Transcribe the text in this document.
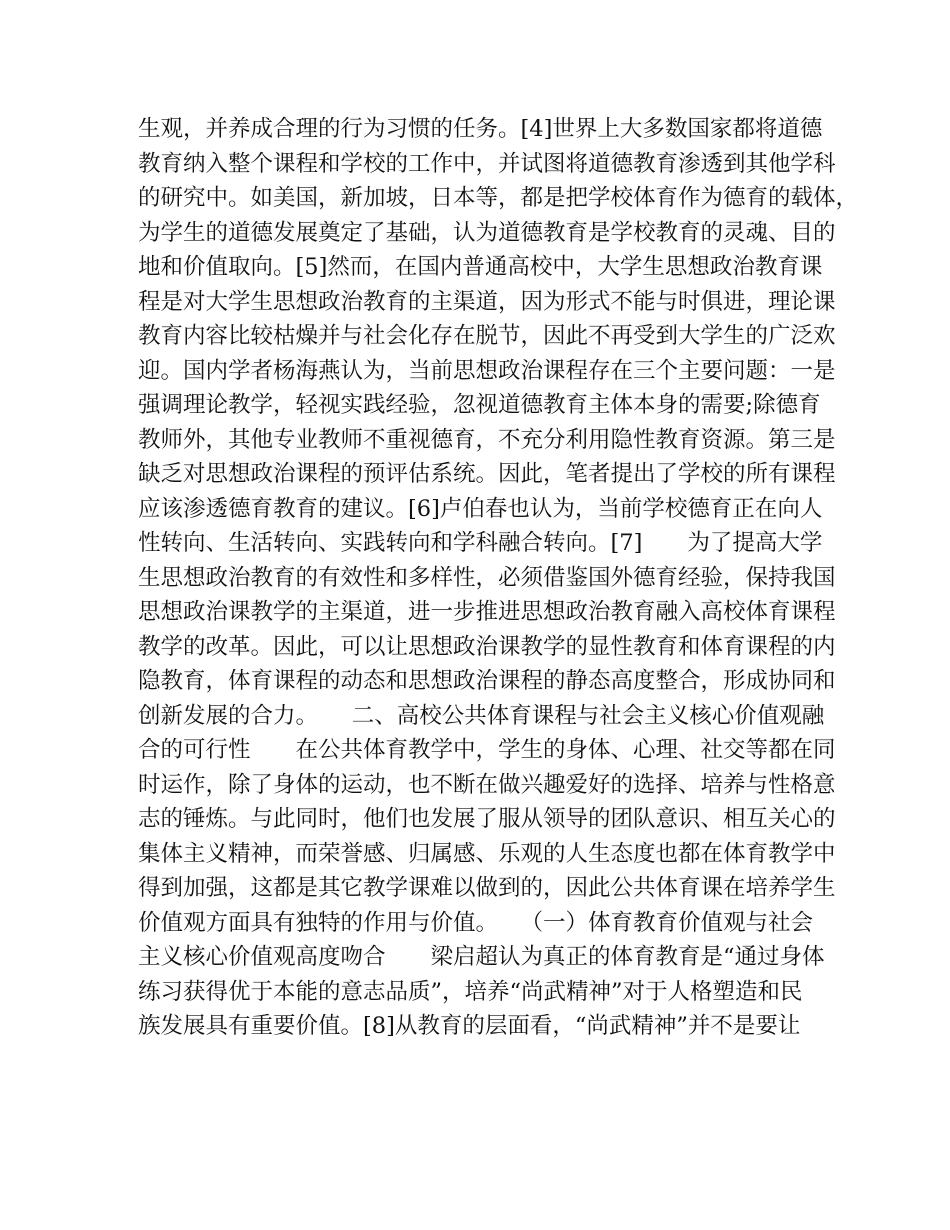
生观，并养成合理的行为习惯的任务。[4]世界上大多数国家都将道德
教育纳入整个课程和学校的工作中，并试图将道德教育渗透到其他学科
的研究中。如美国，新加坡，日本等，都是把学校体育作为德育的载体，
为学生的道德发展奠定了基础，认为道德教育是学校教育的灵魂、目的
地和价值取向。[5]然而，在国内普通高校中，大学生思想政治教育课
程是对大学生思想政治教育的主渠道，因为形式不能与时俱进，理论课
教育内容比较枯燥并与社会化存在脱节，因此不再受到大学生的广泛欢
迎。国内学者杨海燕认为，当前思想政治课程存在三个主要问题：一是
强调理论教学，轻视实践经验，忽视道德教育主体本身的需要;除德育
教师外，其他专业教师不重视德育，不充分利用隐性教育资源。第三是
缺乏对思想政治课程的预评估系统。因此，笔者提出了学校的所有课程
应该渗透德育教育的建议。[6]卢伯春也认为，当前学校德育正在向人
性转向、生活转向、实践转向和学科融合转向。[7]　　为了提高大学
生思想政治教育的有效性和多样性，必须借鉴国外德育经验，保持我国
思想政治课教学的主渠道，进一步推进思想政治教育融入高校体育课程
教学的改革。因此，可以让思想政治课教学的显性教育和体育课程的内
隐教育，体育课程的动态和思想政治课程的静态高度整合，形成协同和
创新发展的合力。　　二、高校公共体育课程与社会主义核心价值观融
合的可行性　　在公共体育教学中，学生的身体、心理、社交等都在同
时运作，除了身体的运动，也不断在做兴趣爱好的选择、培养与性格意
志的锤炼。与此同时，他们也发展了服从领导的团队意识、相互关心的
集体主义精神，而荣誉感、归属感、乐观的人生态度也都在体育教学中
得到加强，这都是其它教学课难以做到的，因此公共体育课在培养学生
价值观方面具有独特的作用与价值。　　（一）体育教育价值观与社会
主义核心价值观高度吻合　　梁启超认为真正的体育教育是“通过身体
练习获得优于本能的意志品质”，培养“尚武精神”对于人格塑造和民
族发展具有重要价值。[8]从教育的层面看，“尚武精神”并不是要让
